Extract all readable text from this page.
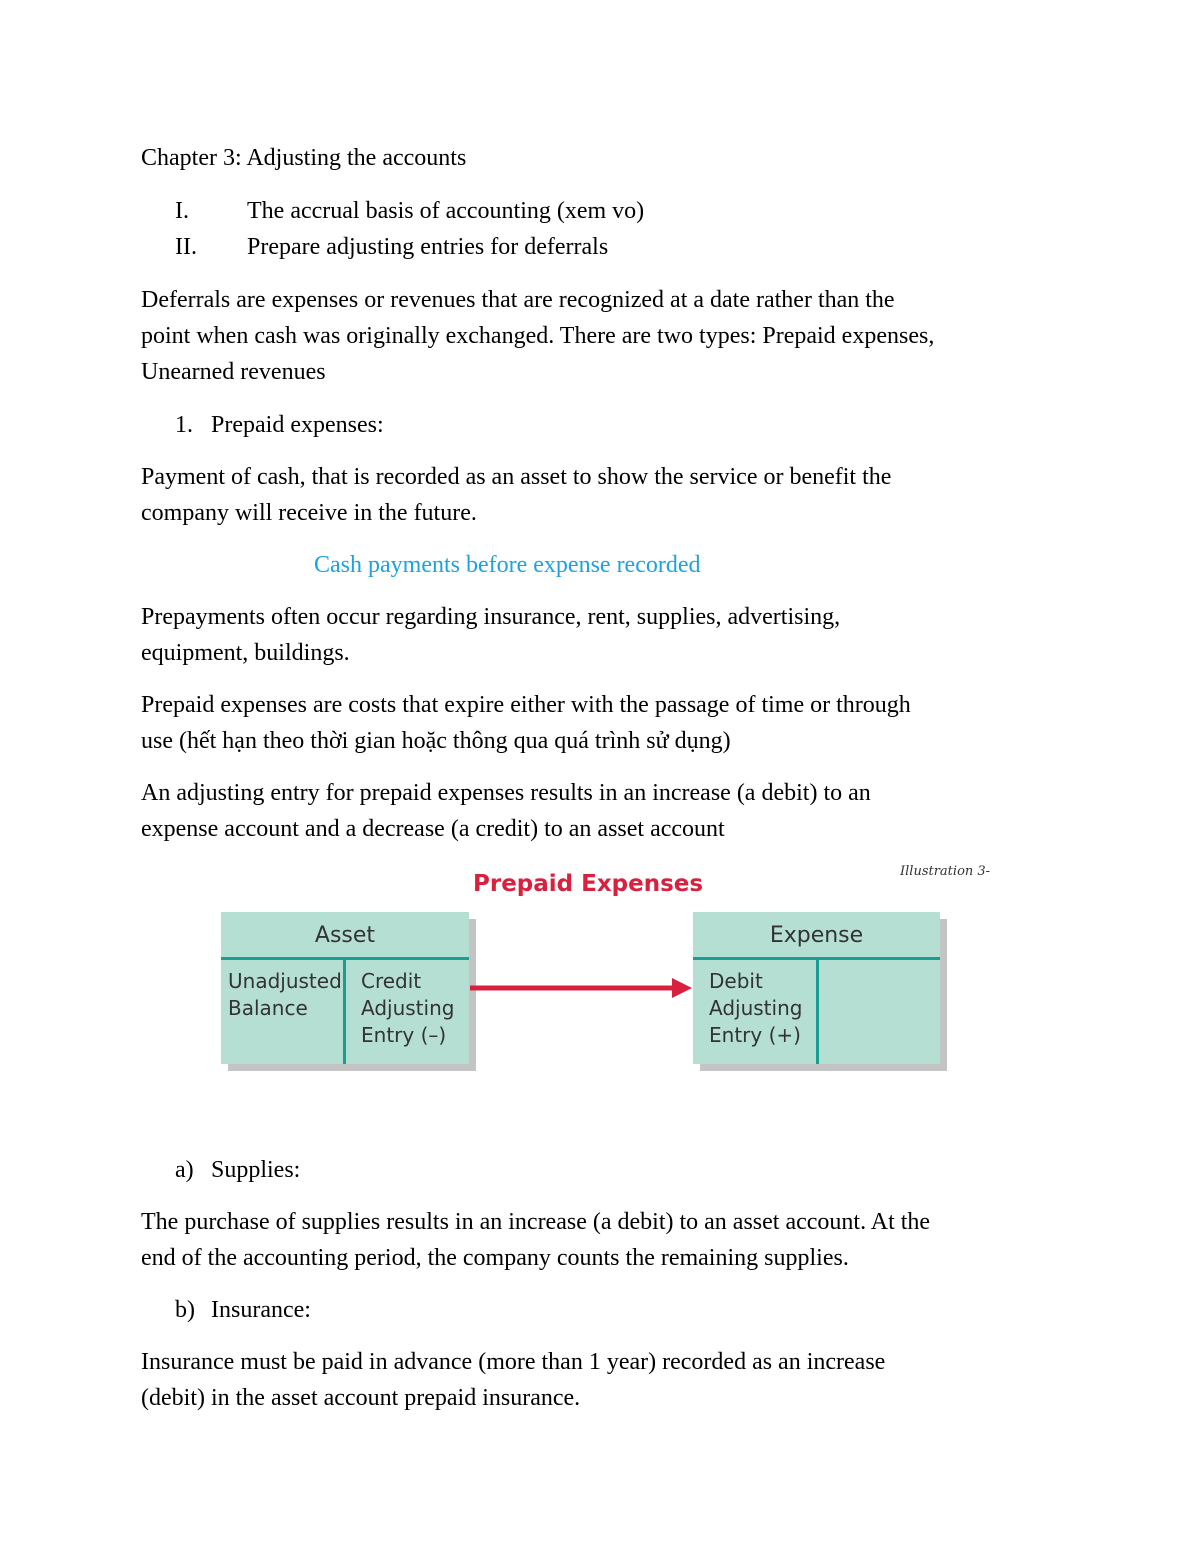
Chapter 3: Adjusting the accounts
I. The accrual basis of accounting (xem vo)
II. Prepare adjusting entries for deferrals
Deferrals are expenses or revenues that are recognized at a date rather than the
point when cash was originally exchanged. There are two types: Prepaid expenses,
Unearned revenues
1. Prepaid expenses:
Payment of cash, that is recorded as an asset to show the service or benefit the
company will receive in the future.
Cash payments before expense recorded
Prepayments often occur regarding insurance, rent, supplies, advertising,
equipment, buildings.
Prepaid expenses are costs that expire either with the passage of time or through
use (hết hạn theo thời gian hoặc thông qua quá trình sử dụng)
An adjusting entry for prepaid expenses results in an increase (a debit) to an
expense account and a decrease (a credit) to an asset account
Illustration 3-
Prepaid Expenses
Asset
Unadjusted
Balance
Credit
Adjusting
Entry (–)
Expense
Debit
Adjusting
Entry (+)
a) Supplies:
The purchase of supplies results in an increase (a debit) to an asset account. At the
end of the accounting period, the company counts the remaining supplies.
b) Insurance:
Insurance must be paid in advance (more than 1 year) recorded as an increase
(debit) in the asset account prepaid insurance.
